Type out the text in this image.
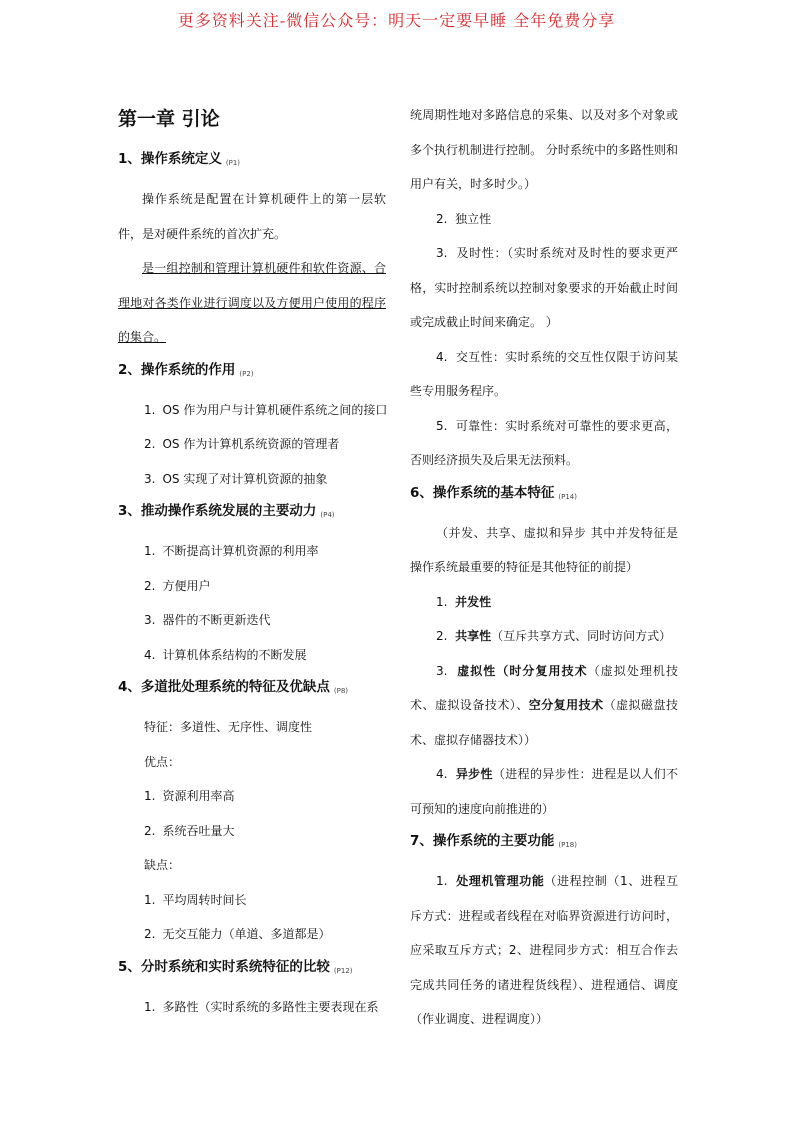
更多资料关注-微信公众号：明天一定要早睡 全年免费分享
第一章 引论
1、操作系统定义 (P1)
操作系统是配置在计算机硬件上的第一层软件，是对硬件系统的首次扩充。
是一组控制和管理计算机硬件和软件资源、合理地对各类作业进行调度以及方便用户使用的程序的集合。
2、操作系统的作用 (P2)
1. OS 作为用户与计算机硬件系统之间的接口
2. OS 作为计算机系统资源的管理者
3. OS 实现了对计算机资源的抽象
3、推动操作系统发展的主要动力 (P4)
1. 不断提高计算机资源的利用率
2. 方便用户
3. 器件的不断更新迭代
4. 计算机体系结构的不断发展
4、多道批处理系统的特征及优缺点 (P8)
特征：多道性、无序性、调度性
优点：
1. 资源利用率高
2. 系统吞吐量大
缺点：
1. 平均周转时间长
2. 无交互能力（单道、多道都是）
5、分时系统和实时系统特征的比较 (P12)
1. 多路性（实时系统的多路性主要表现在系
统周期性地对多路信息的采集、以及对多个对象或多个执行机制进行控制。 分时系统中的多路性则和用户有关，时多时少。）
2.  独立性
3.  及时性：（实时系统对及时性的要求更严格，实时控制系统以控制对象要求的开始截止时间或完成截止时间来确定。 ）
4.  交互性：实时系统的交互性仅限于访问某些专用服务程序。
5.  可靠性：实时系统对可靠性的要求更高，否则经济损失及后果无法预料。
6、操作系统的基本特征 (P14)
（并发、共享、虚拟和异步 其中并发特征是操作系统最重要的特征是其他特征的前提）
1.  并发性
2.  共享性（互斥共享方式、同时访问方式）
3.  虚拟性（时分复用技术（虚拟处理机技术、虚拟设备技术）、空分复用技术（虚拟磁盘技术、虚拟存储器技术））
4.  异步性（进程的异步性：进程是以人们不可预知的速度向前推进的）
7、操作系统的主要功能 (P18)
1.  处理机管理功能（进程控制（1、进程互斥方式：进程或者线程在对临界资源进行访问时，应采取互斥方式；2、进程同步方式：相互合作去完成共同任务的诸进程货线程）、进程通信、调度（作业调度、进程调度））
